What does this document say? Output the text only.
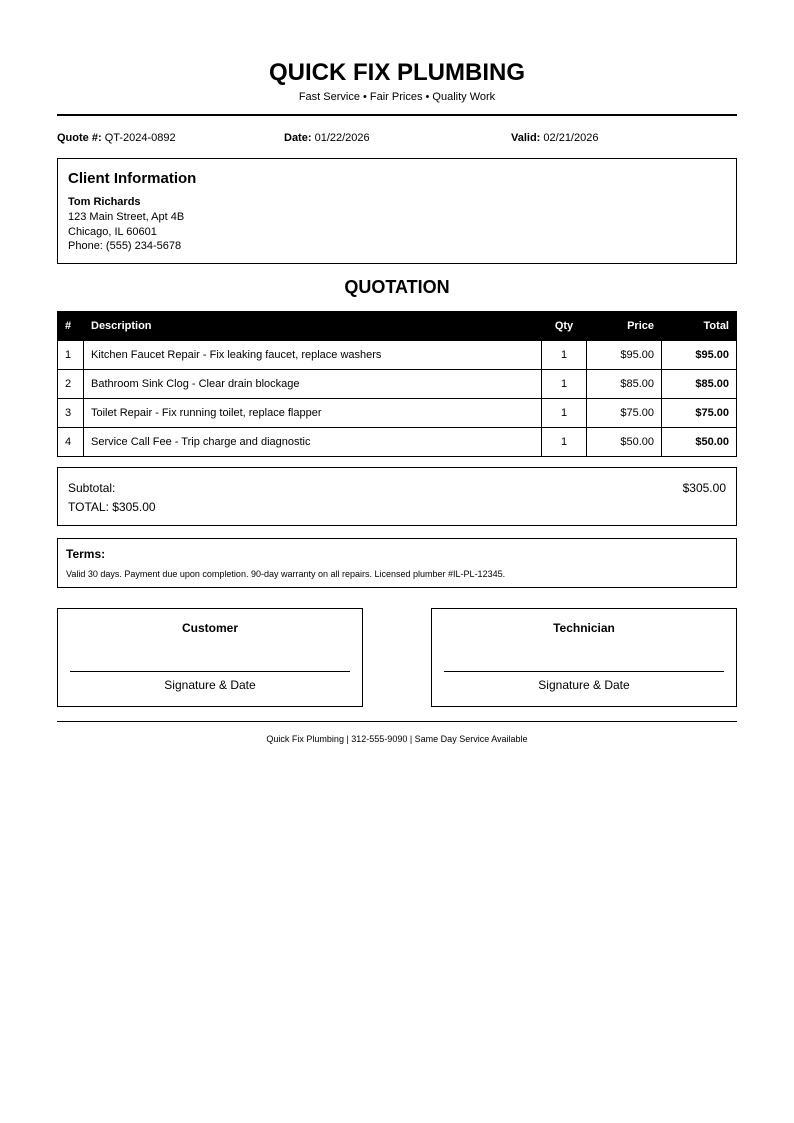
QUICK FIX PLUMBING
Fast Service • Fair Prices • Quality Work
Quote #: QT-2024-0892	Date: 01/22/2026	Valid: 02/21/2026
Client Information
Tom Richards
123 Main Street, Apt 4B
Chicago, IL 60601
Phone: (555) 234-5678
QUOTATION
#	Description	Qty	Price	Total
1	Kitchen Faucet Repair - Fix leaking faucet, replace washers	1	$95.00	$95.00
2	Bathroom Sink Clog - Clear drain blockage	1	$85.00	$85.00
3	Toilet Repair - Fix running toilet, replace flapper	1	$75.00	$75.00
4	Service Call Fee - Trip charge and diagnostic	1	$50.00	$50.00
Subtotal:	$305.00
TOTAL: $305.00
Terms:
Valid 30 days. Payment due upon completion. 90-day warranty on all repairs. Licensed plumber #IL-PL-12345.
Customer
Signature & Date
Technician
Signature & Date
Quick Fix Plumbing | 312-555-9090 | Same Day Service Available
